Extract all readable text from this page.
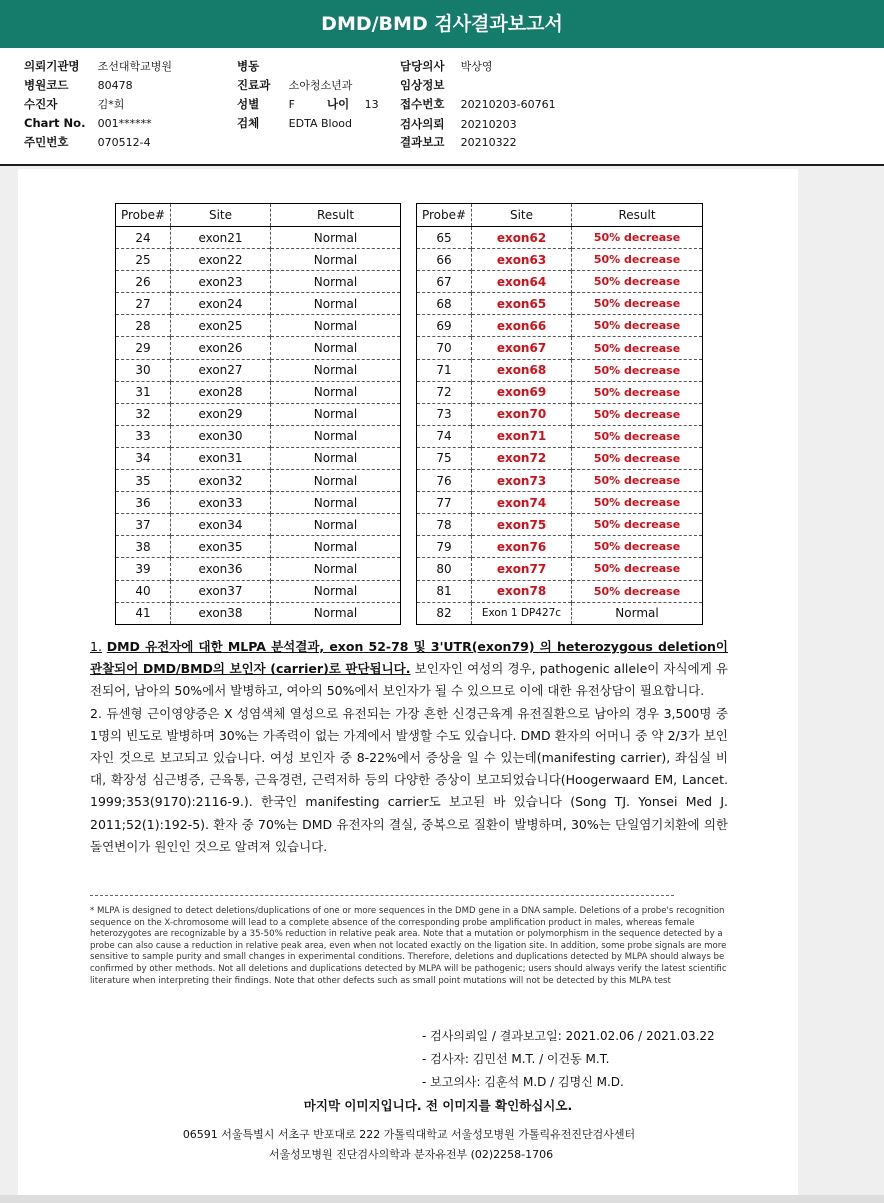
DMD/BMD 검사결과보고서
의뢰기관명 조선대학교병원
병원코드	80478
수진자	김*희
Chart No. 001******
주민번호	070512-4
병동
진료과 소아청소년과
성별	F	나이 13
검체	EDTA Blood
담당의사 박상영
임상정보
접수번호 20210203-60761
검사의뢰 20210203
결과보고 20210322
Probe#	Site	Result
24	exon21	Normal
25	exon22	Normal
26	exon23	Normal
27	exon24	Normal
28	exon25	Normal
29	exon26	Normal
30	exon27	Normal
31	exon28	Normal
32	exon29	Normal
33	exon30	Normal
34	exon31	Normal
35	exon32	Normal
36	exon33	Normal
37	exon34	Normal
38	exon35	Normal
39	exon36	Normal
40	exon37	Normal
41	exon38	Normal
Probe#	Site	Result
65	exon62	50% decrease
66	exon63	50% decrease
67	exon64	50% decrease
68	exon65	50% decrease
69	exon66	50% decrease
70	exon67	50% decrease
71	exon68	50% decrease
72	exon69	50% decrease
73	exon70	50% decrease
74	exon71	50% decrease
75	exon72	50% decrease
76	exon73	50% decrease
77	exon74	50% decrease
78	exon75	50% decrease
79	exon76	50% decrease
80	exon77	50% decrease
81	exon78	50% decrease
82	Exon 1 DP427c	Normal

1. DMD 유전자에 대한 MLPA 분석결과, exon 52-78 및 3'UTR(exon79) 의 heterozygous deletion이 관찰되어 DMD/BMD의 보인자 (carrier)로 판단됩니다. 보인자인 여성의 경우, pathogenic allele이 자식에게 유전되어, 남아의 50%에서 발병하고, 여아의 50%에서 보인자가 될 수 있으므로 이에 대한 유전상담이 필요합니다.

2. 듀센형 근이영양증은 X 성염색체 열성으로 유전되는 가장 흔한 신경근육계 유전질환으로 남아의 경우 3,500명 중 1명의 빈도로 발병하며 30%는 가족력이 없는 가계에서 발생할 수도 있습니다. DMD 환자의 어머니 중 약 2/3가 보인자인 것으로 보고되고 있습니다. 여성 보인자 중 8-22%에서 증상을 일 수 있는데(manifesting carrier), 좌심실 비대, 확장성 심근병증, 근육통, 근육경련, 근력저하 등의 다양한 증상이 보고되었습니다(Hoogerwaard EM, Lancet. 1999;353(9170):2116-9.). 한국인 manifesting carrier도 보고된 바 있습니다 (Song TJ. Yonsei Med J. 2011;52(1):192-5). 환자 중 70%는 DMD 유전자의 결실, 중복으로 질환이 발병하며, 30%는 단일염기치환에 의한 돌연변이가 원인인 것으로 알려져 있습니다.

* MLPA is designed to detect deletions/duplications of one or more sequences in the DMD gene in a DNA sample. Deletions of a probe's recognition sequence on the X-chromosome will lead to a complete absence of the corresponding probe amplification product in males, whereas female heterozygotes are recognizable by a 35-50% reduction in relative peak area. Note that a mutation or polymorphism in the sequence detected by a probe can also cause a reduction in relative peak area, even when not located exactly on the ligation site. In addition, some probe signals are more sensitive to sample purity and small changes in experimental conditions. Therefore, deletions and duplications detected by MLPA should always be confirmed by other methods. Not all deletions and duplications detected by MLPA will be pathogenic; users should always verify the latest scientific literature when interpreting their findings. Note that other defects such as small point mutations will not be detected by this MLPA test
- 검사의뢰일 / 결과보고일: 2021.02.06 / 2021.03.22
- 검사자: 김민선 M.T. / 이건동 M.T.
- 보고의사: 김훈석 M.D / 김명신 M.D.
마지막 이미지입니다. 전 이미지를 확인하십시오.
06591 서울특별시 서초구 반포대로 222 가톨릭대학교 서울성모병원 가톨릭유전진단검사센터
서울성모병원 진단검사의학과 분자유전부 (02)2258-1706
